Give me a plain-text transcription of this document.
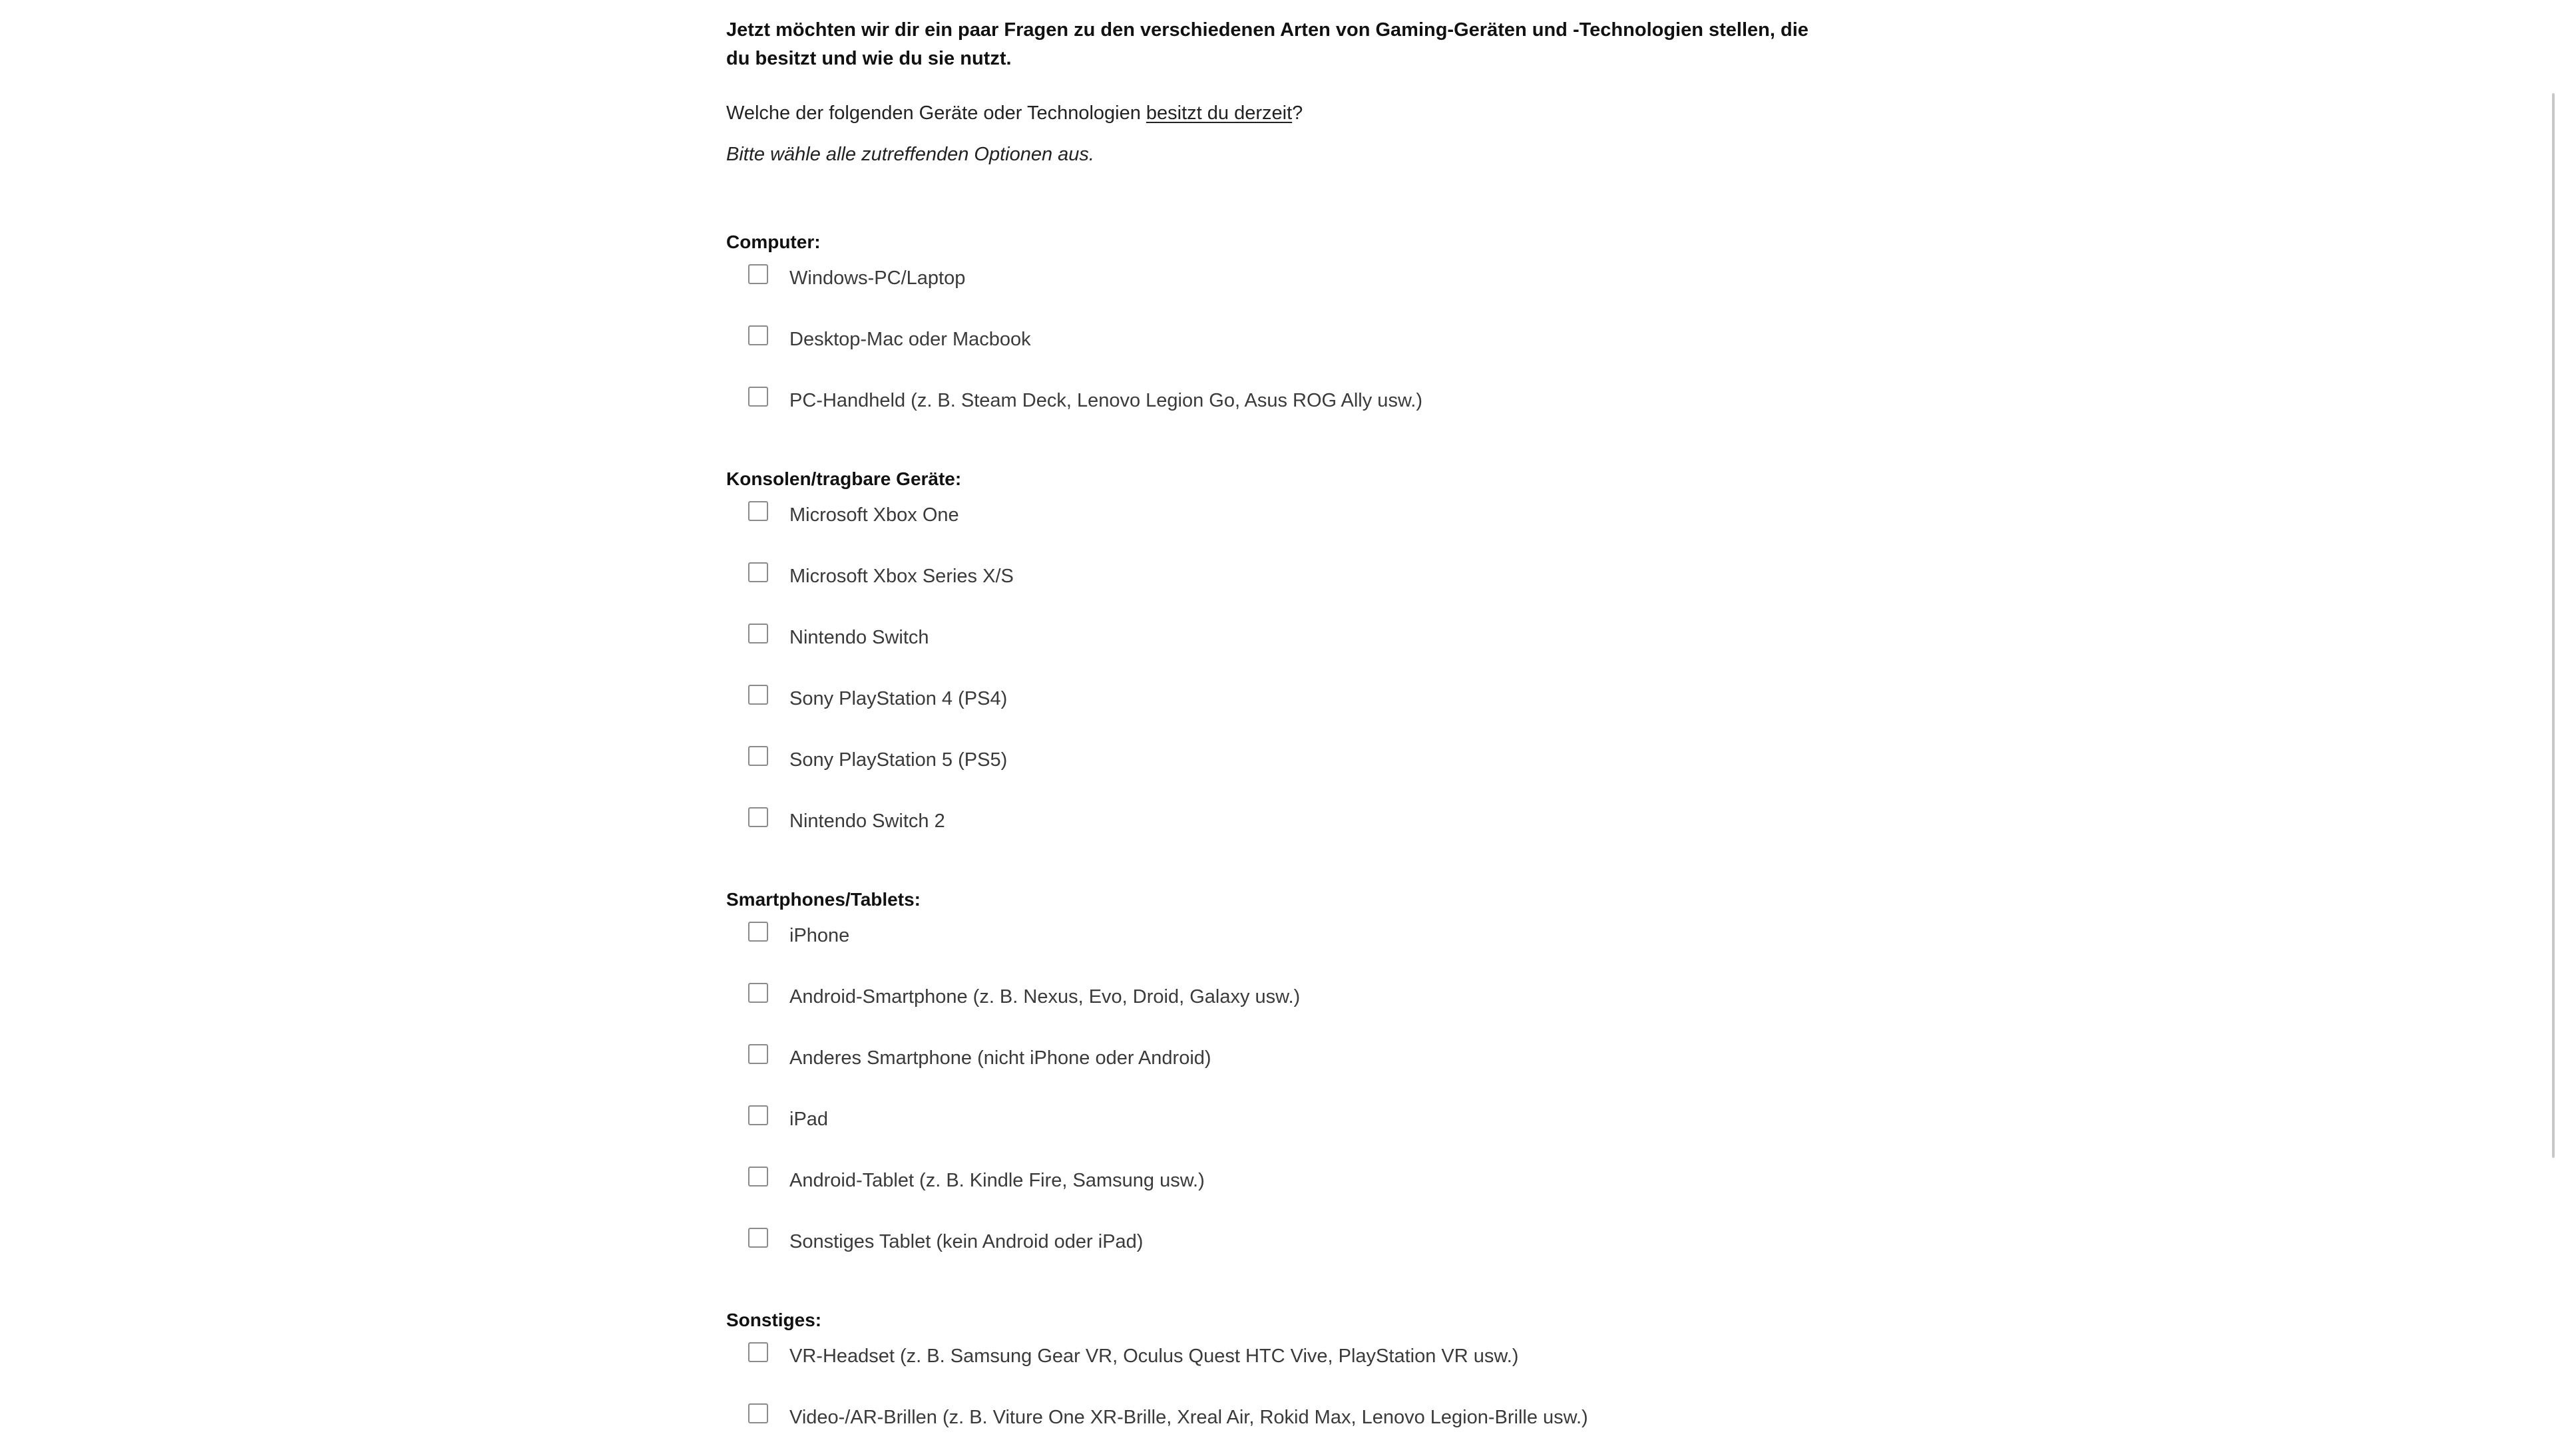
Jetzt möchten wir dir ein paar Fragen zu den verschiedenen Arten von Gaming-Geräten und -Technologien stellen, die du besitzt und wie du sie nutzt.

Welche der folgenden Geräte oder Technologien besitzt du derzeit?

Bitte wähle alle zutreffenden Optionen aus.

Computer:
Windows-PC/Laptop
Desktop-Mac oder Macbook
PC-Handheld (z. B. Steam Deck, Lenovo Legion Go, Asus ROG Ally usw.)
Konsolen/tragbare Geräte:
Microsoft Xbox One
Microsoft Xbox Series X/S
Nintendo Switch
Sony PlayStation 4 (PS4)
Sony PlayStation 5 (PS5)
Nintendo Switch 2
Smartphones/Tablets:
iPhone
Android-Smartphone (z. B. Nexus, Evo, Droid, Galaxy usw.)
Anderes Smartphone (nicht iPhone oder Android)
iPad
Android-Tablet (z. B. Kindle Fire, Samsung usw.)
Sonstiges Tablet (kein Android oder iPad)
Sonstiges:
VR-Headset (z. B. Samsung Gear VR, Oculus Quest HTC Vive, PlayStation VR usw.)
Video-/AR-Brillen (z. B. Viture One XR-Brille, Xreal Air, Rokid Max, Lenovo Legion-Brille usw.)
